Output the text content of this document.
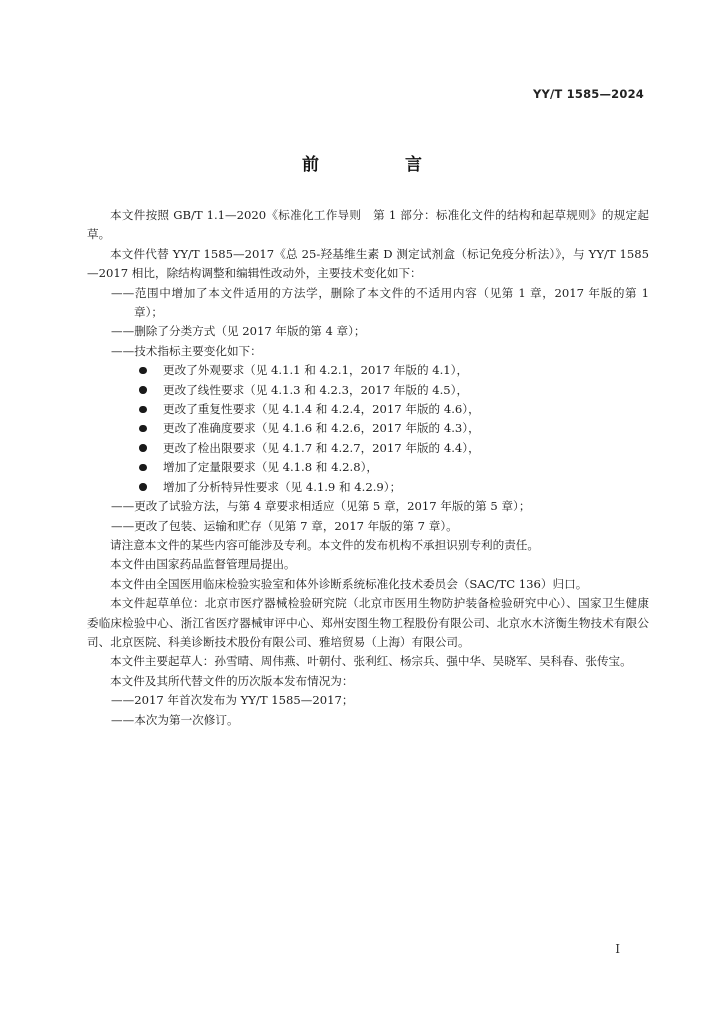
YY/T 1585—2024
前 言

本文件按照 GB/T 1.1—2020《标准化工作导则　第 1 部分：标准化文件的结构和起草规则》的规定起草。

本文件代替 YY/T 1585—2017《总 25-羟基维生素 D 测定试剂盒（标记免疫分析法）》，与 YY/T 1585—2017 相比，除结构调整和编辑性改动外，主要技术变化如下：

——范围中增加了本文件适用的方法学，删除了本文件的不适用内容（见第 1 章，2017 年版的第 1 章）；

——删除了分类方式（见 2017 年版的第 4 章）；

——技术指标主要变化如下：

更改了外观要求（见 4.1.1 和 4.2.1，2017 年版的 4.1），
更改了线性要求（见 4.1.3 和 4.2.3，2017 年版的 4.5），
更改了重复性要求（见 4.1.4 和 4.2.4，2017 年版的 4.6），
更改了准确度要求（见 4.1.6 和 4.2.6，2017 年版的 4.3），
更改了检出限要求（见 4.1.7 和 4.2.7，2017 年版的 4.4），
增加了定量限要求（见 4.1.8 和 4.2.8），
增加了分析特异性要求（见 4.1.9 和 4.2.9）；

——更改了试验方法，与第 4 章要求相适应（见第 5 章，2017 年版的第 5 章）；

——更改了包装、运输和贮存（见第 7 章，2017 年版的第 7 章）。

请注意本文件的某些内容可能涉及专利。本文件的发布机构不承担识别专利的责任。

本文件由国家药品监督管理局提出。

本文件由全国医用临床检验实验室和体外诊断系统标准化技术委员会（SAC/TC 136）归口。

本文件起草单位：北京市医疗器械检验研究院（北京市医用生物防护装备检验研究中心）、国家卫生健康委临床检验中心、浙江省医疗器械审评中心、郑州安图生物工程股份有限公司、北京水木济衡生物技术有限公司、北京医院、科美诊断技术股份有限公司、雅培贸易（上海）有限公司。

本文件主要起草人：孙雪晴、周伟燕、叶朝付、张利红、杨宗兵、强中华、吴晓军、吴科春、张传宝。

本文件及其所代替文件的历次版本发布情况为：

——2017 年首次发布为 YY/T 1585—2017；

——本次为第一次修订。

I
